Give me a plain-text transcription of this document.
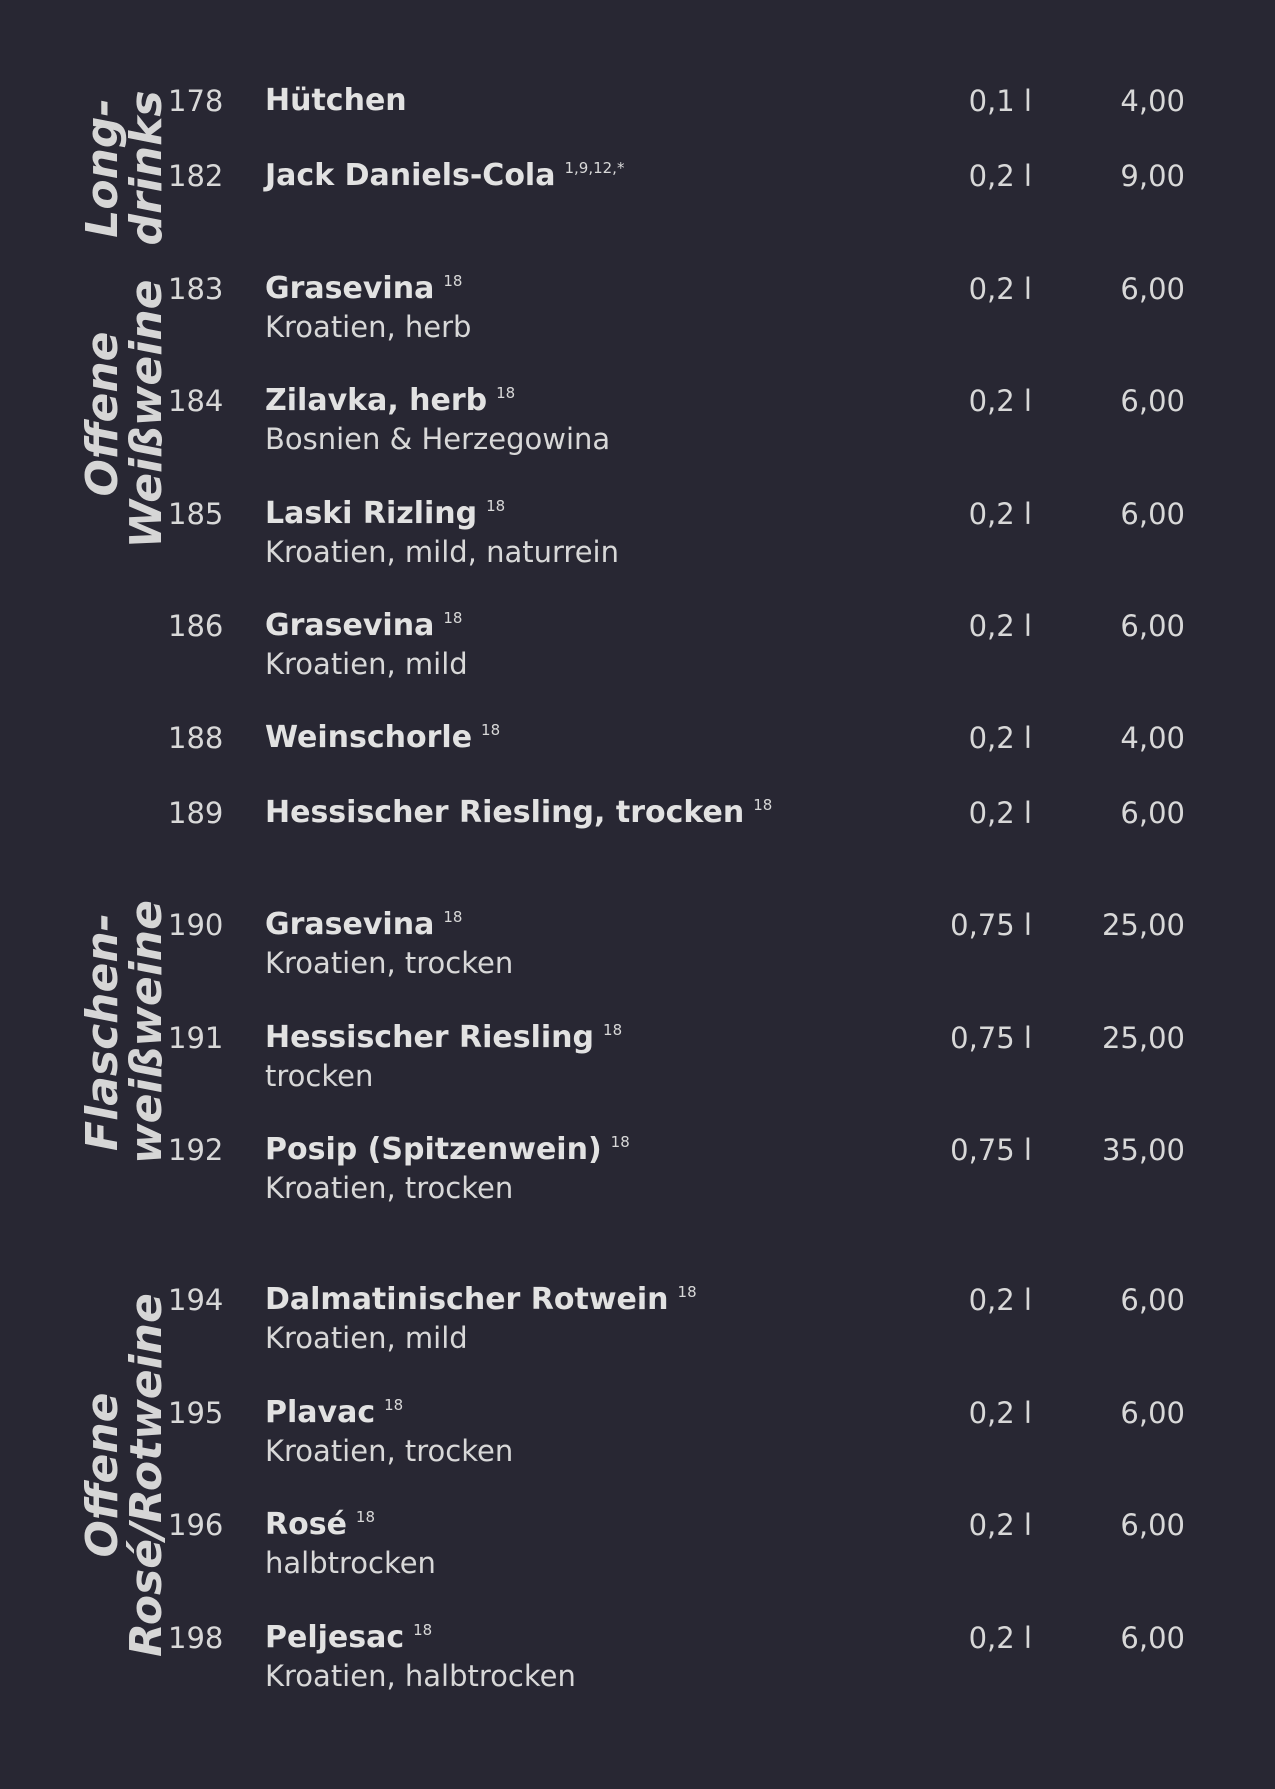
Long-
drinks
Offene
Weißweine
Flaschen-
weißweine
Offene
Rosé/Rotweine
178 Hütchen	0,1 l	4,00
182 Jack Daniels-Cola $^{1,9,12,*}$	0,2 l	9,00
183 Grasevina $^{18}$
Kroatien, herb
0,2 l	6,00
184 Zilavka, herb $^{18}$
Bosnien & Herzegowina
0,2 l	6,00
185 Laski Rizling $^{18}$
Kroatien, mild, naturrein
0,2 l	6,00
186 Grasevina $^{18}$
Kroatien, mild
0,2 l	6,00
188 Weinschorle $^{18}$	0,2 l	4,00
189 Hessischer Riesling, trocken $^{18}$	0,2 l	6,00
190 Grasevina $^{18}$
Kroatien, trocken
0,75 l 25,00
191 Hessischer Riesling $^{18}$
trocken
0,75 l 25,00
192 Posip (Spitzenwein) $^{18}$
Kroatien, trocken
0,75 l 35,00
194 Dalmatinischer Rotwein $^{18}$
Kroatien, mild
0,2 l	6,00
195 Plavac $^{18}$
Kroatien, trocken
0,2 l	6,00
196 Rosé $^{18}$
halbtrocken
0,2 l	6,00
198 Peljesac $^{18}$
Kroatien, halbtrocken
0,2 l	6,00
